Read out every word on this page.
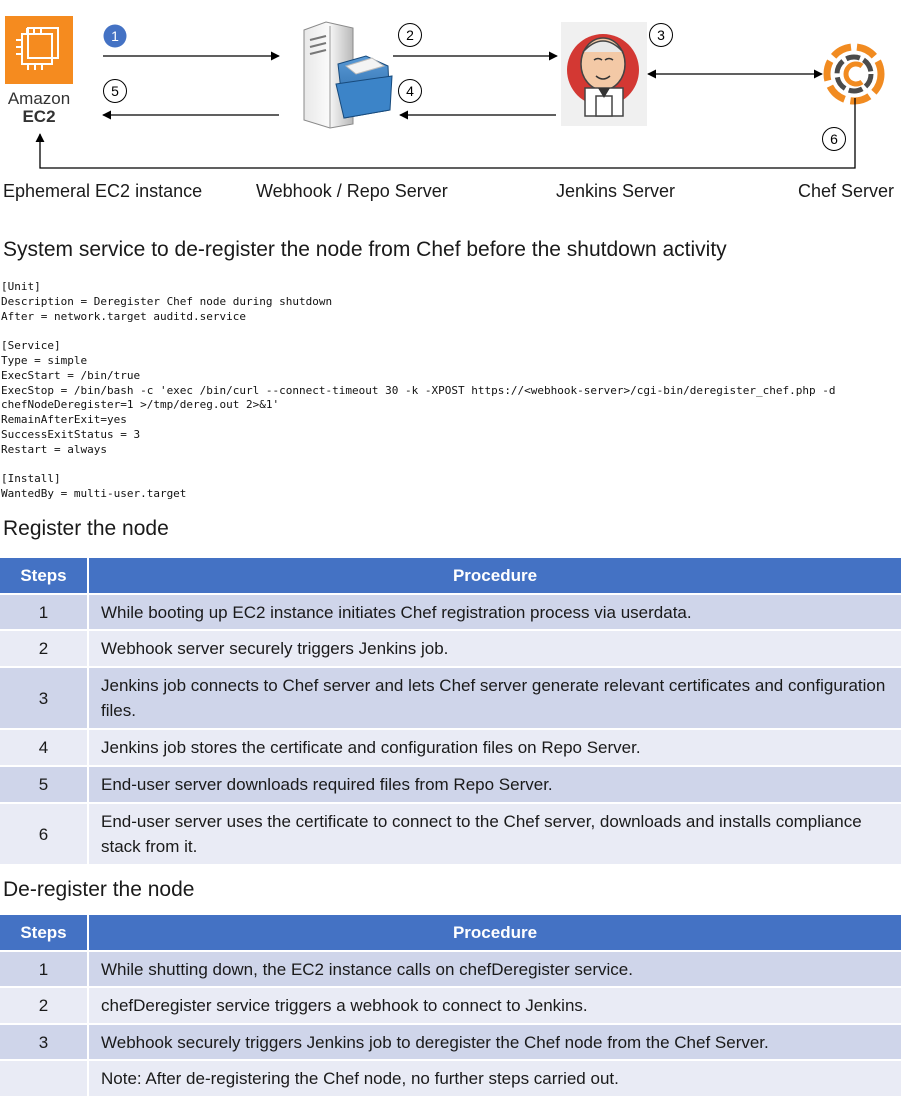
Amazon
EC2
1	2	3
4
5
6
Ephemeral EC2 instance	Webhook / Repo Server	Jenkins Server	Chef Server
System service to de-register the node from Chef before the shutdown activity
[Unit]
Description = Deregister Chef node during shutdown
After = network.target auditd.service

[Service]
Type = simple
ExecStart = /bin/true
ExecStop = /bin/bash -c 'exec /bin/curl --connect-timeout 30 -k -XPOST https://<webhook-server>/cgi-bin/deregister_chef.php -d
chefNodeDeregister=1 >/tmp/dereg.out 2>&1'
RemainAfterExit=yes
SuccessExitStatus = 3
Restart = always

[Install]
WantedBy = multi-user.target
Register the node
Steps	Procedure
1	While booting up EC2 instance initiates Chef registration process via userdata.
2	Webhook server securely triggers Jenkins job.
3	Jenkins job connects to Chef server and lets Chef server generate relevant certificates and configuration files.
4	Jenkins job stores the certificate and configuration files on Repo Server.
5	End-user server downloads required files from Repo Server.
6	End-user server uses the certificate to connect to the Chef server, downloads and installs compliance stack from it.
De-register the node
Steps	Procedure
1	While shutting down, the EC2 instance calls on chefDeregister service.
2	chefDeregister service triggers a webhook to connect to Jenkins.
3	Webhook securely triggers Jenkins job to deregister the Chef node from the Chef Server.
	Note: After de-registering the Chef node, no further steps carried out.
